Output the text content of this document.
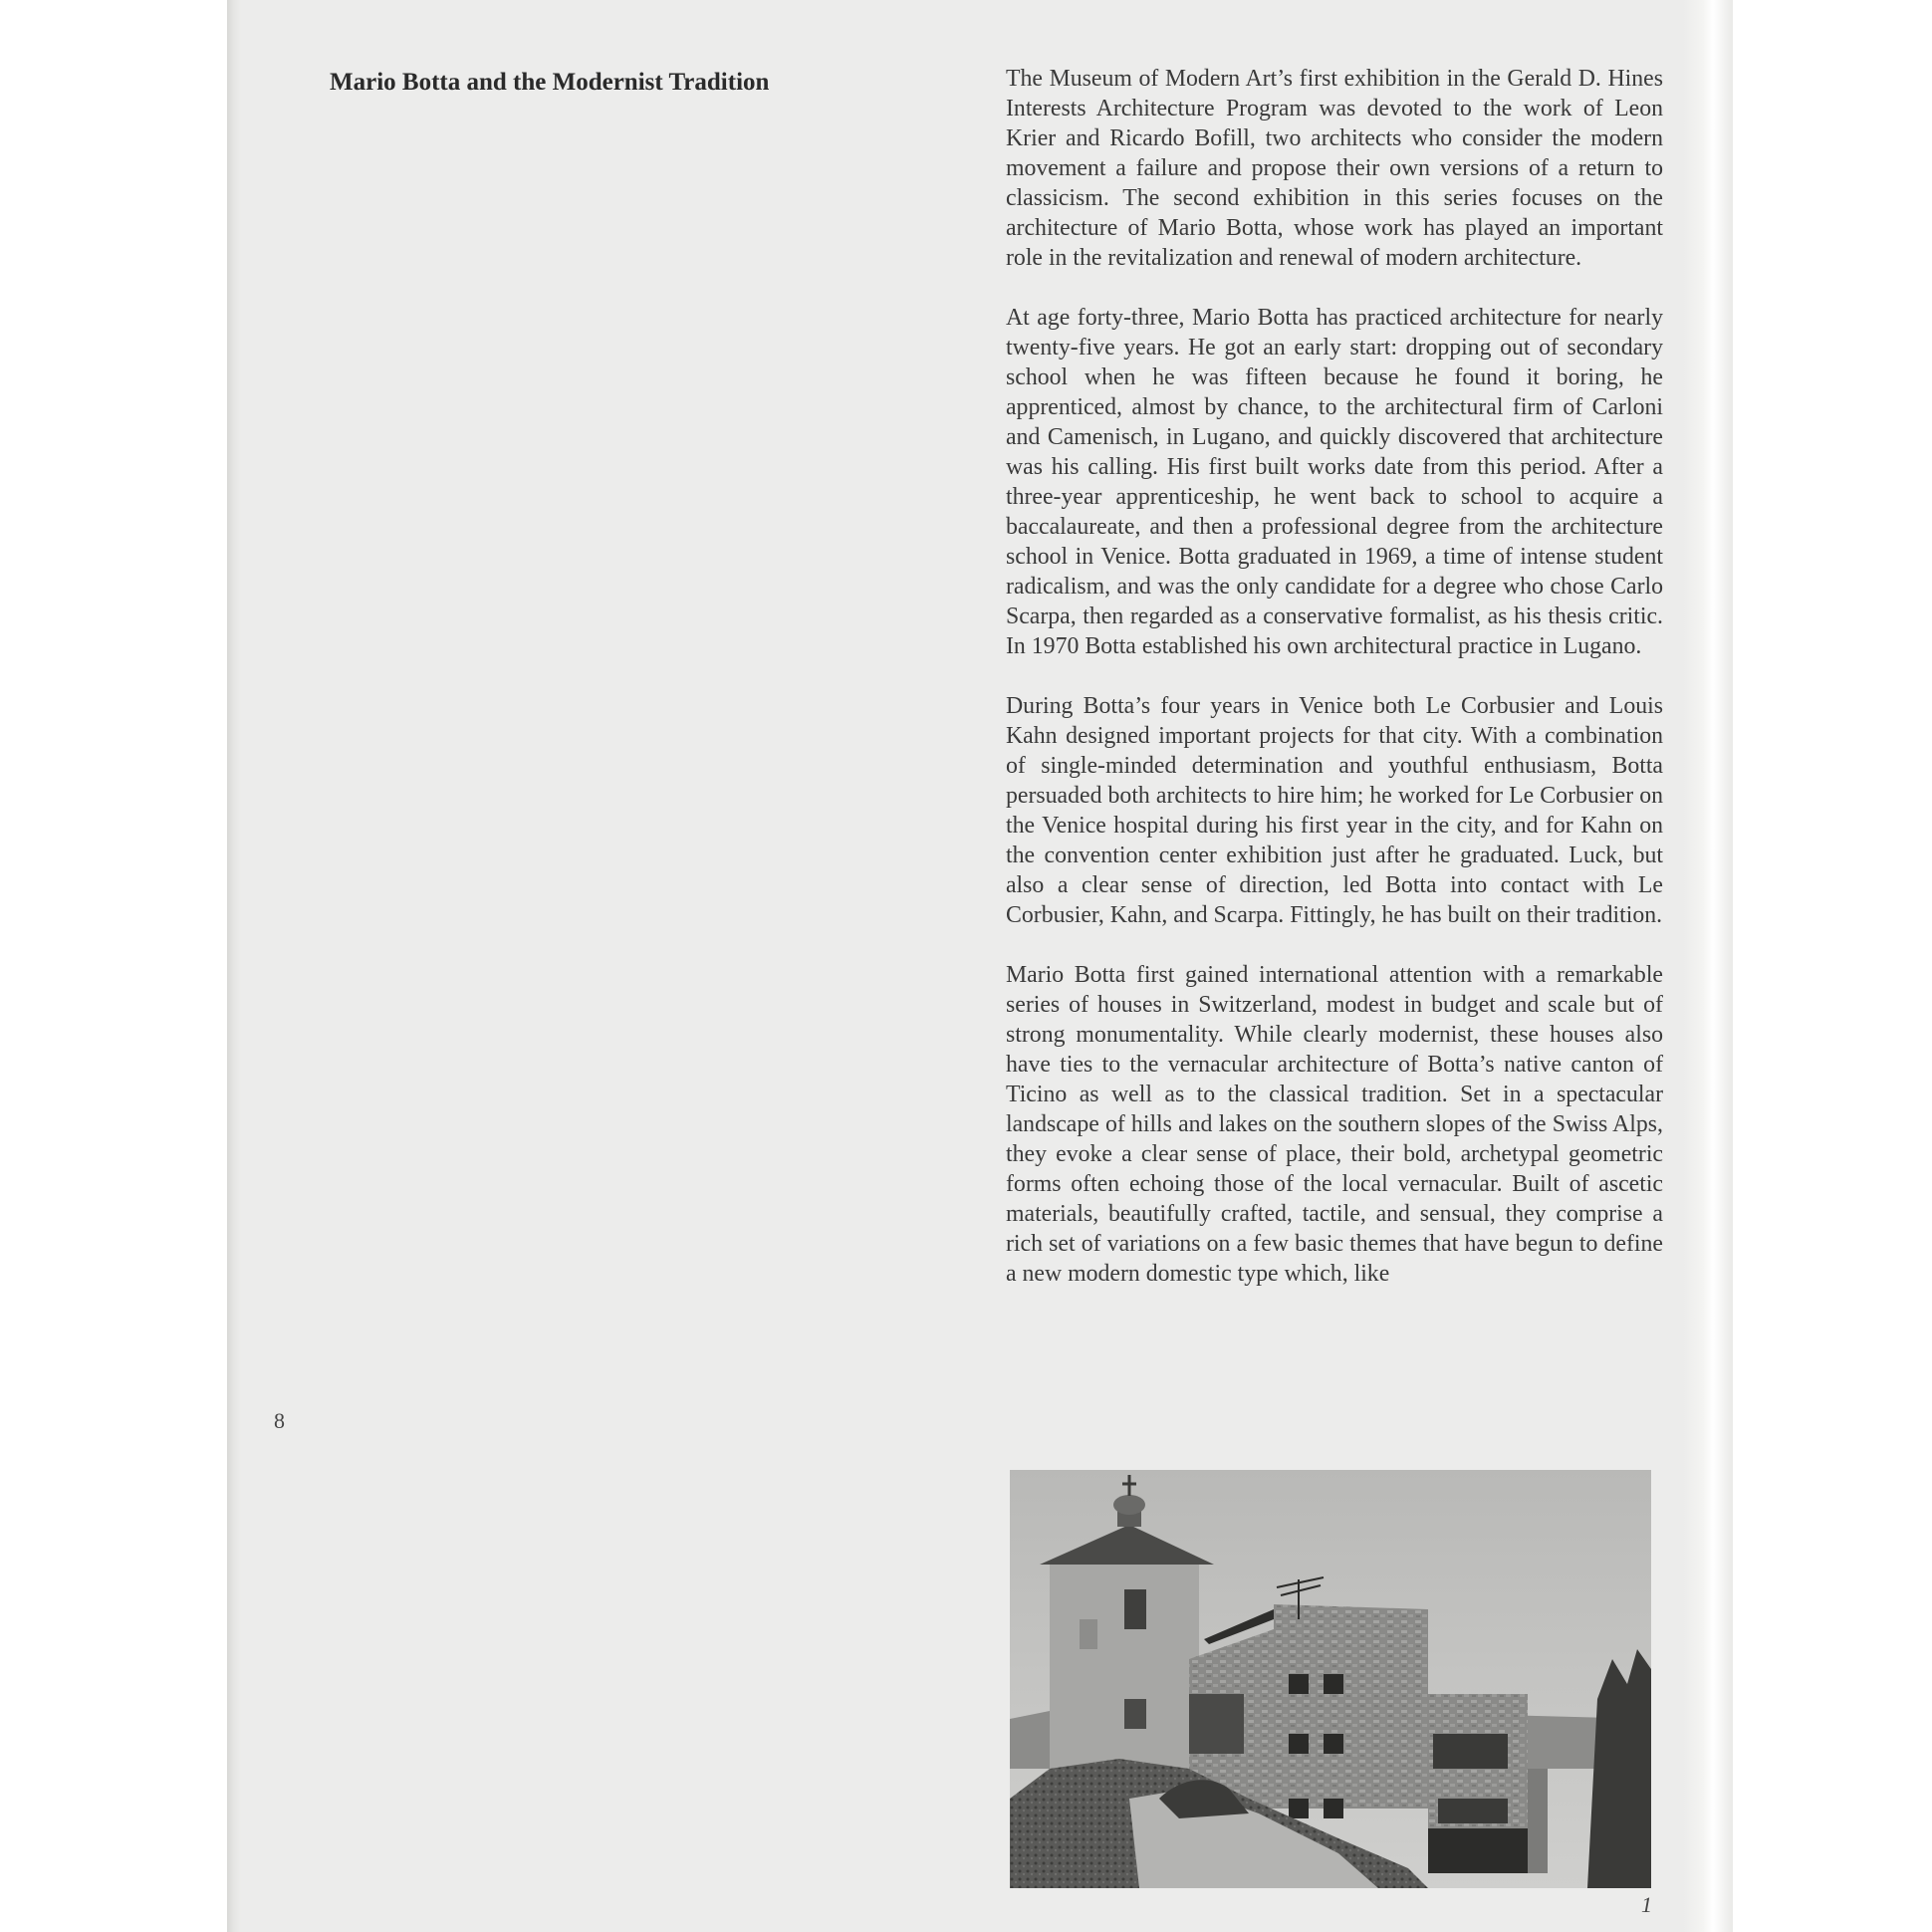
Mario Botta and the Modernist Tradition	The Museum of Modern Art’s first exhibition in the Gerald D. Hines Interests Architecture Program was devoted to the work of Leon Krier and Ricardo Bofill, two architects who consider the modern movement a failure and propose their own versions of a return to classicism. The second exhibition in this series focuses on the architecture of Mario Botta, whose work has played an important role in the revitalization and renewal of modern architecture.

At age forty-three, Mario Botta has practiced architecture for nearly twenty-five years. He got an early start: dropping out of secondary school when he was fifteen because he found it boring, he apprenticed, almost by chance, to the architectural firm of Carloni and Camenisch, in Lugano, and quickly discovered that architecture was his calling. His first built works date from this period. After a three-year apprenticeship, he went back to school to acquire a baccalaureate, and then a professional degree from the architecture school in Venice. Botta graduated in 1969, a time of intense student radicalism, and was the only candidate for a degree who chose Carlo Scarpa, then regarded as a conservative formalist, as his thesis critic. In 1970 Botta established his own architectural practice in Lugano.

During Botta’s four years in Venice both Le Corbusier and Louis Kahn designed important projects for that city. With a combination of single-minded determination and youthful enthusiasm, Botta persuaded both architects to hire him; he worked for Le Corbusier on the Venice hospital during his first year in the city, and for Kahn on the convention center exhibition just after he graduated. Luck, but also a clear sense of direction, led Botta into contact with Le Corbusier, Kahn, and Scarpa. Fittingly, he has built on their tradition.

Mario Botta first gained international attention with a remarkable series of houses in Switzerland, modest in budget and scale but of strong monumentality. While clearly modernist, these houses also have ties to the vernacular architecture of Botta’s native canton of Ticino as well as to the classical tradition. Set in a spectacular landscape of hills and lakes on the southern slopes of the Swiss Alps, they evoke a clear sense of place, their bold, archetypal geometric forms often echoing those of the local vernacular. Built of ascetic materials, beautifully crafted, tactile, and sensual, they comprise a rich set of variations on a few basic themes that have begun to define a new modern domestic type which, like

8
1
